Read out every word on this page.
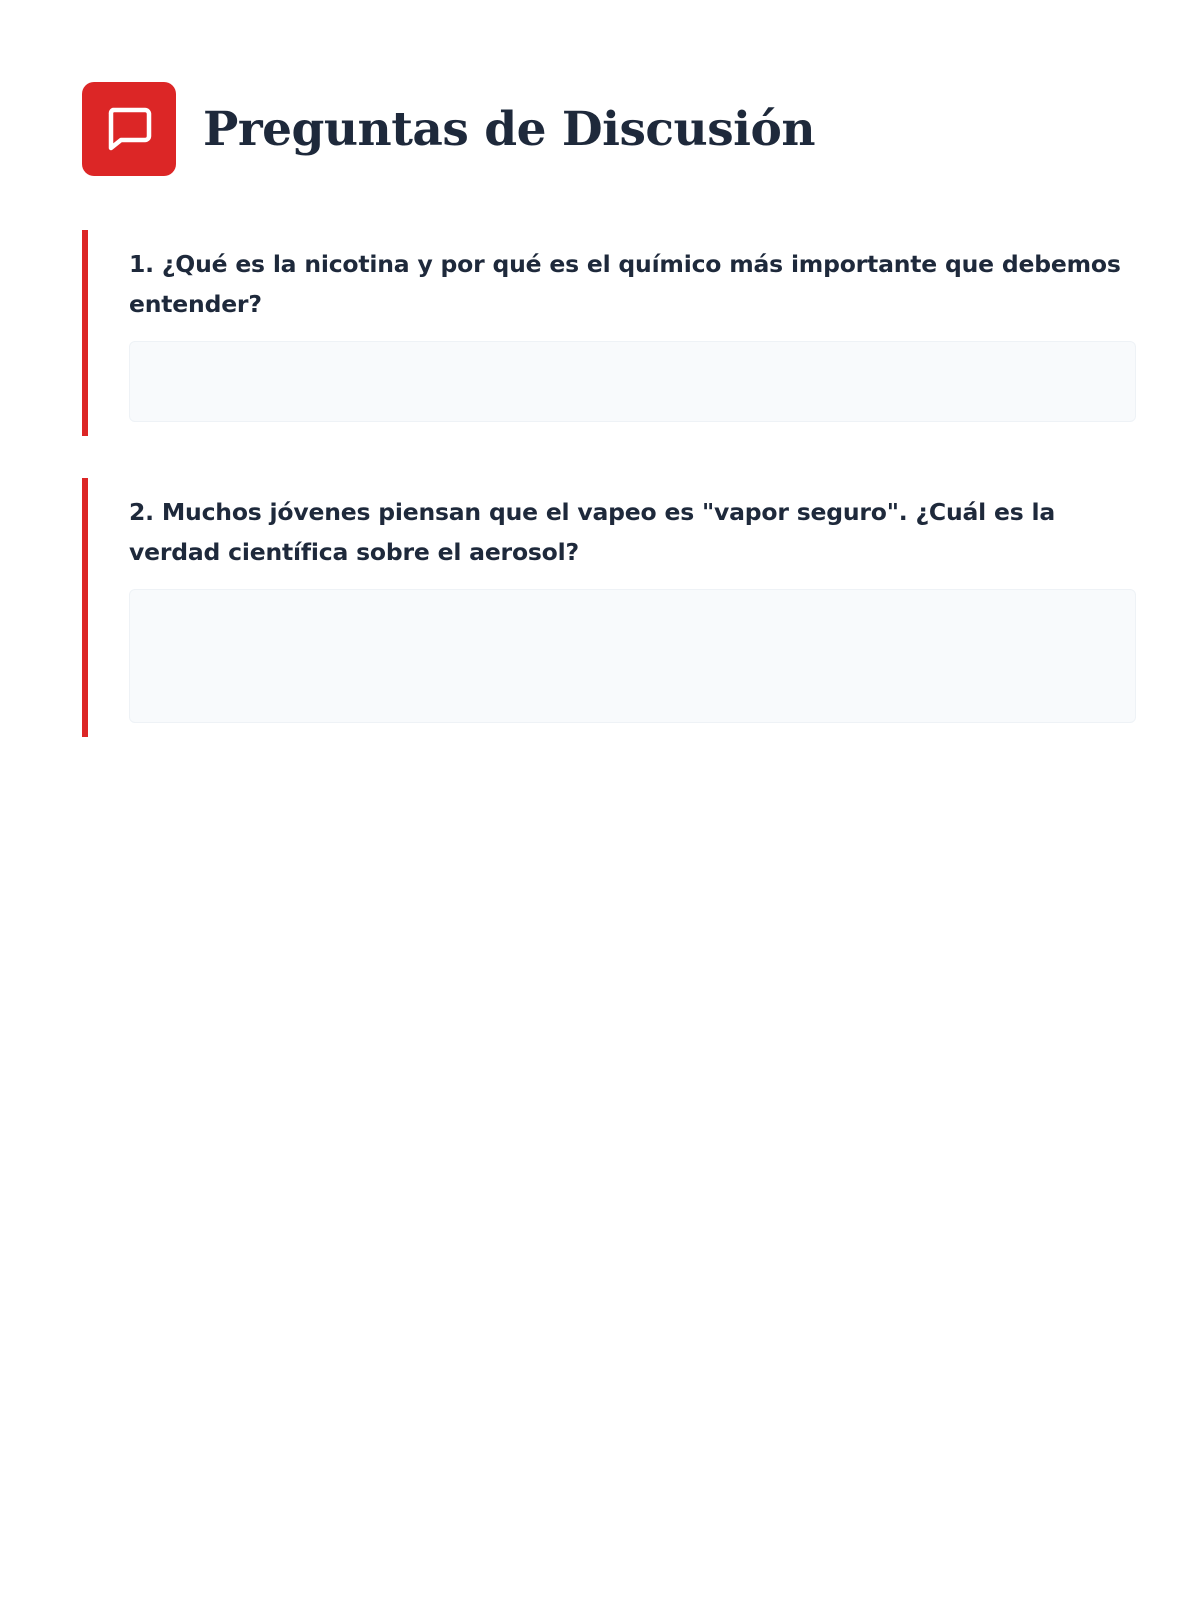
Preguntas de Discusión

1. ¿Qué es la nicotina y por qué es el químico más importante que debemos entender?

2. Muchos jóvenes piensan que el vapeo es "vapor seguro". ¿Cuál es la verdad científica sobre el aerosol?
